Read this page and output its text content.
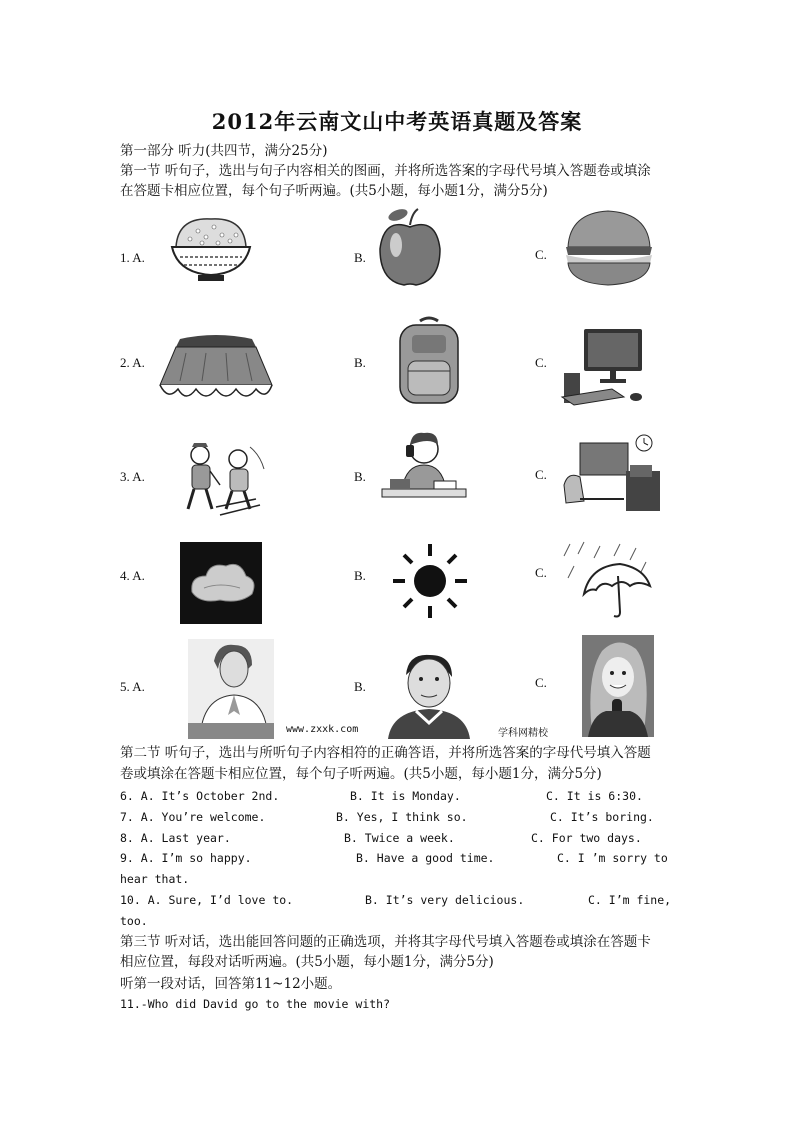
2012年云南文山中考英语真题及答案
第一部分 听力(共四节，满分25分)
第一节 听句子，选出与句子内容相关的图画，并将所选答案的字母代号填入答题卷或填涂
在答题卡相应位置，每个句子听两遍。(共5小题，每小题1分，满分5分)
1. A.	B.	C.
2. A.	B.	C.
3. A.	B.	C.
4. A.	B.	C.
5. A.	B.	C.
www.zxxk.com	学科网精校
第二节 听句子，选出与所听句子内容相符的正确答语，并将所选答案的字母代号填入答题
卷或填涂在答题卡相应位置，每个句子听两遍。(共5小题，每小题1分，满分5分)
6. A. It’s October 2nd.	B. It is Monday.	C. It is 6:30.
7. A. You’re welcome.	B. Yes, I think so.	C. It’s boring.
8. A. Last year.	B. Twice a week.	C. For two days.
9. A. I’m so happy.	B. Have a good time.	C. I ’m sorry to
hear that.
10. A. Sure, I’d love to.	B. It’s very delicious.	C. I’m fine,
too.
第三节 听对话，选出能回答问题的正确选项，并将其字母代号填入答题卷或填涂在答题卡
相应位置，每段对话听两遍。(共5小题，每小题1分，满分5分)
听第一段对话，回答第11~12小题。
11.-Who did David go to the movie with?
